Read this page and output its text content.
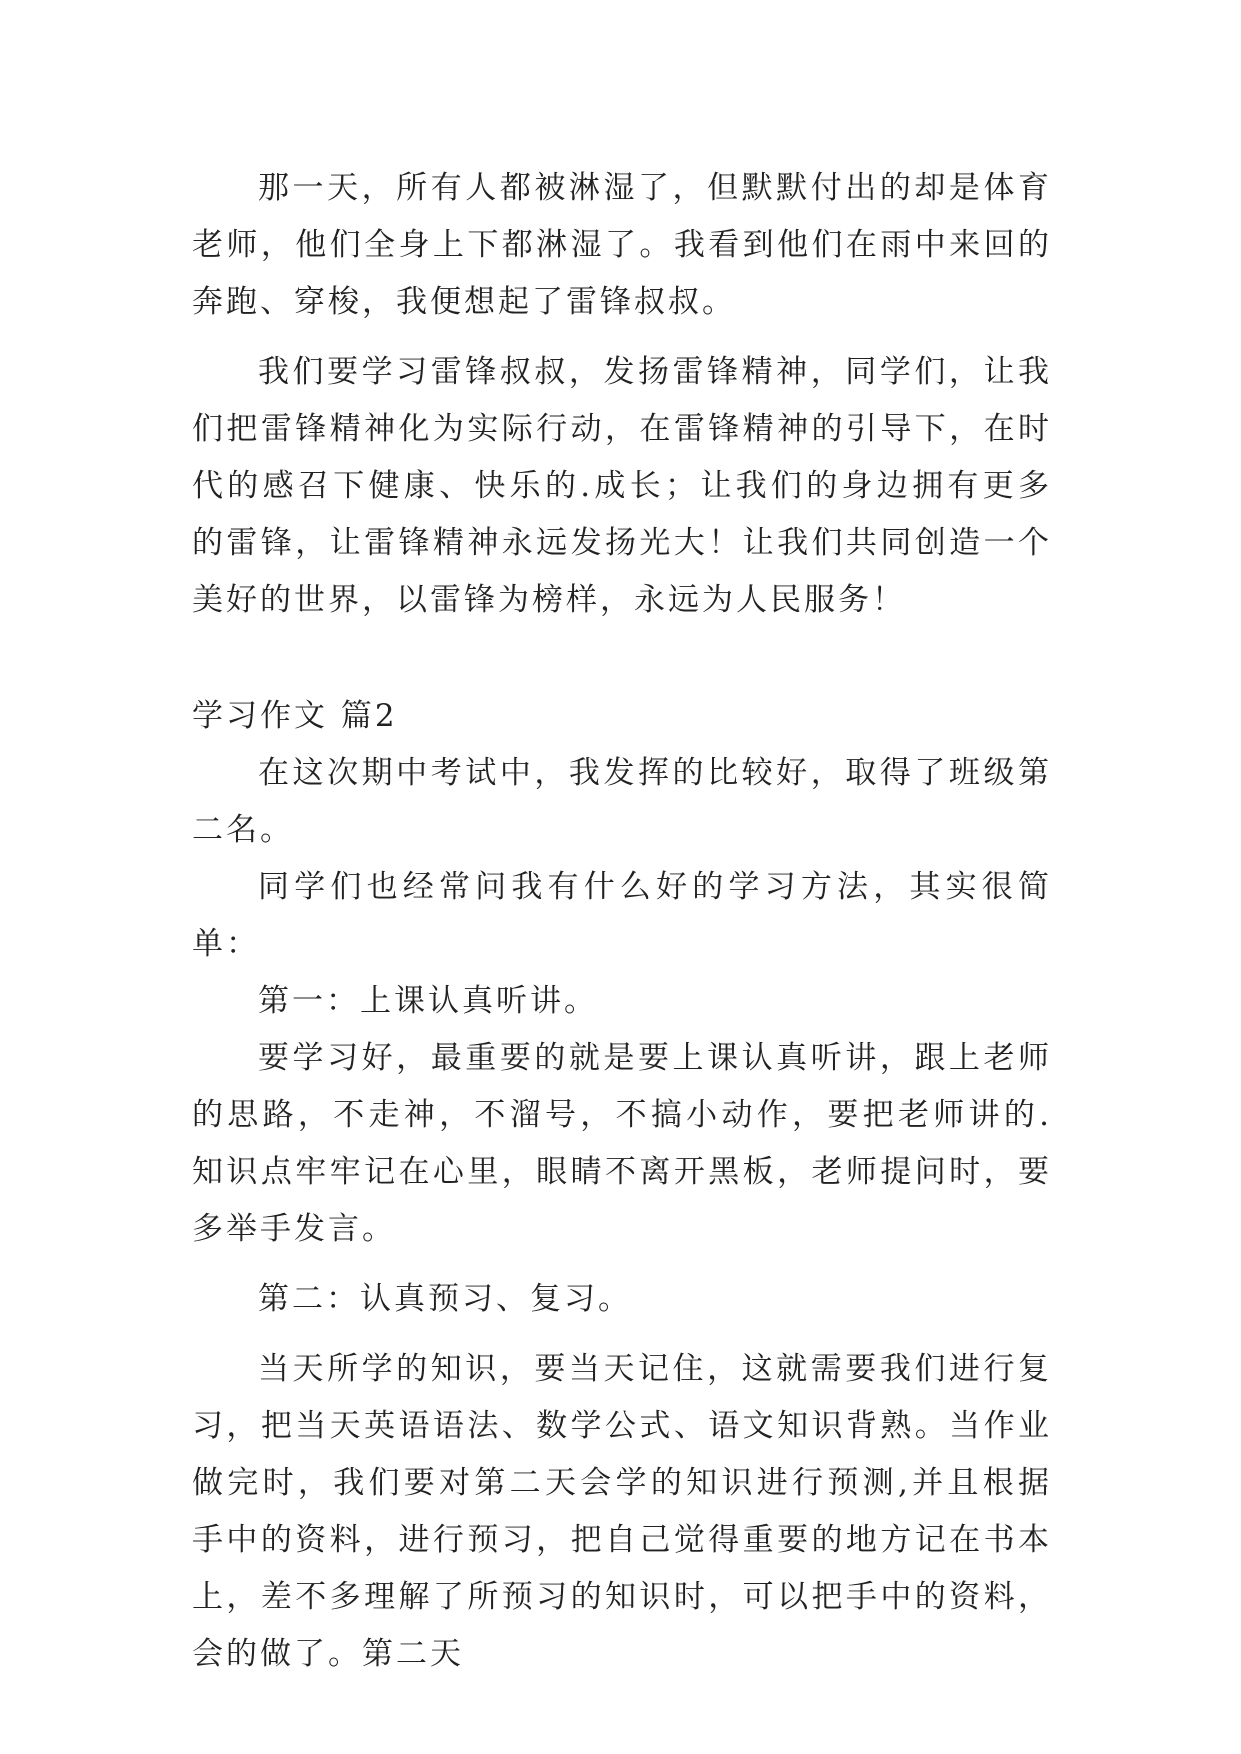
那一天，所有人都被淋湿了，但默默付出的却是体育老师，他们全身上下都淋湿了。我看到他们在雨中来回的奔跑、穿梭，我便想起了雷锋叔叔。

我们要学习雷锋叔叔，发扬雷锋精神，同学们，让我们把雷锋精神化为实际行动，在雷锋精神的引导下，在时代的感召下健康、快乐的.成长；让我们的身边拥有更多的雷锋，让雷锋精神永远发扬光大！让我们共同创造一个美好的世界，以雷锋为榜样，永远为人民服务！

学习作文 篇2

在这次期中考试中，我发挥的比较好，取得了班级第二名。

同学们也经常问我有什么好的学习方法，其实很简单：

第一：上课认真听讲。

要学习好，最重要的就是要上课认真听讲，跟上老师的思路，不走神，不溜号，不搞小动作，要把老师讲的.知识点牢牢记在心里，眼睛不离开黑板，老师提问时，要多举手发言。

第二：认真预习、复习。

当天所学的知识，要当天记住，这就需要我们进行复习，把当天英语语法、数学公式、语文知识背熟。当作业做完时，我们要对第二天会学的知识进行预测,并且根据手中的资料，进行预习，把自己觉得重要的地方记在书本上，差不多理解了所预习的知识时，可以把手中的资料，会的做了。第二天
